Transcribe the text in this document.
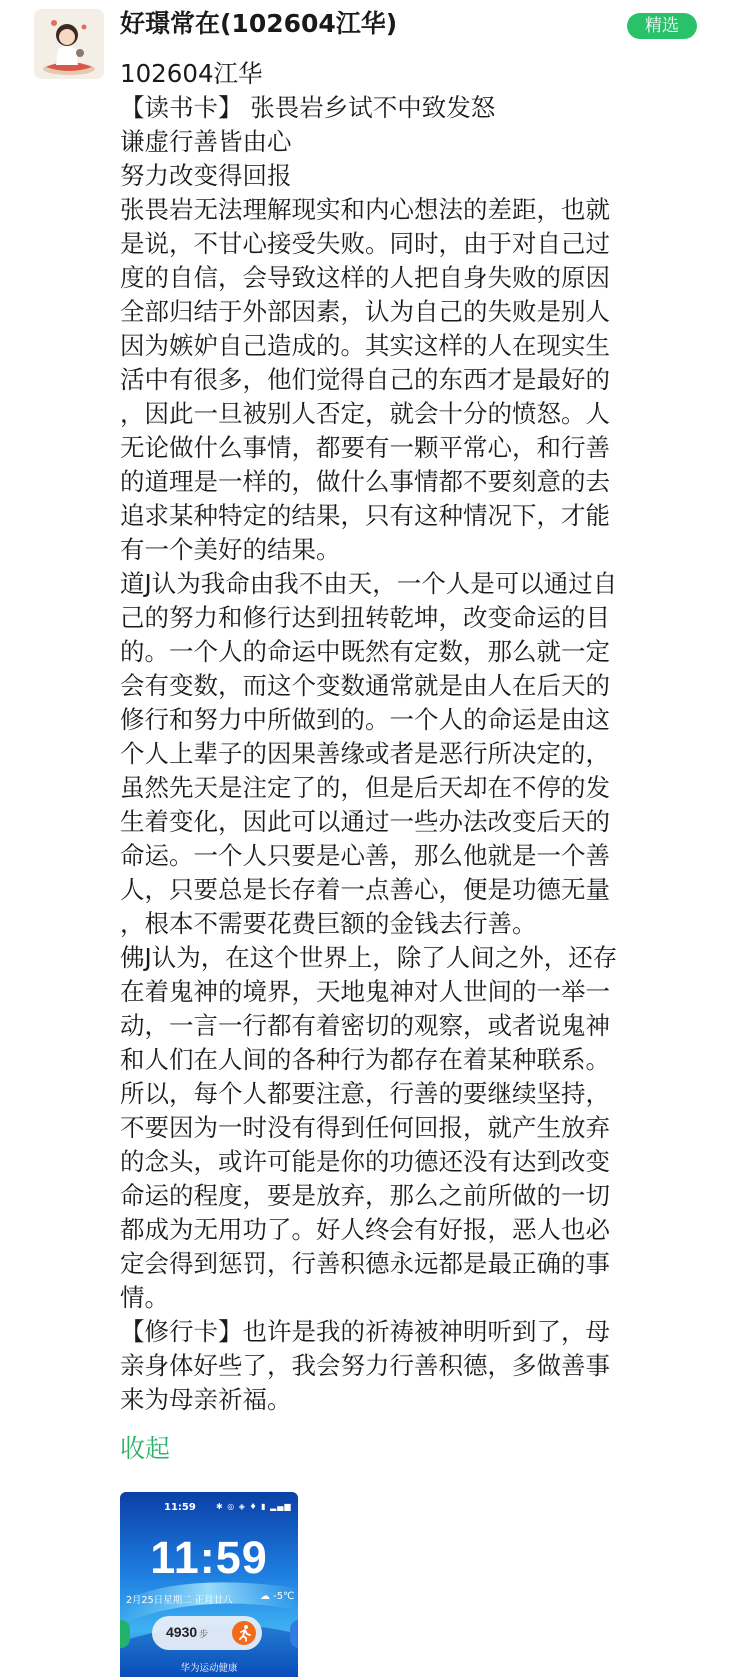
好璟常在(102604江华)	精选
102604江华
【读书卡】 张畏岩乡试不中致发怒
谦虚行善皆由心
努力改变得回报
张畏岩无法理解现实和内心想法的差距，也就
是说，不甘心接受失败。同时，由于对自己过
度的自信，会导致这样的人把自身失败的原因
全部归结于外部因素，认为自己的失败是别人
因为嫉妒自己造成的。其实这样的人在现实生
活中有很多，他们觉得自己的东西才是最好的
，因此一旦被别人否定，就会十分的愤怒。人
无论做什么事情，都要有一颗平常心，和行善
的道理是一样的，做什么事情都不要刻意的去
追求某种特定的结果，只有这种情况下，才能
有一个美好的结果。
道J认为我命由我不由天，一个人是可以通过自
己的努力和修行达到扭转乾坤，改变命运的目
的。一个人的命运中既然有定数，那么就一定
会有变数，而这个变数通常就是由人在后天的
修行和努力中所做到的。一个人的命运是由这
个人上辈子的因果善缘或者是恶行所决定的，
虽然先天是注定了的，但是后天却在不停的发
生着变化，因此可以通过一些办法改变后天的
命运。一个人只要是心善，那么他就是一个善
人，只要总是长存着一点善心，便是功德无量
，根本不需要花费巨额的金钱去行善。
佛J认为，在这个世界上，除了人间之外，还存
在着鬼神的境界，天地鬼神对人世间的一举一
动，一言一行都有着密切的观察，或者说鬼神
和人们在人间的各种行为都存在着某种联系。
所以，每个人都要注意，行善的要继续坚持，
不要因为一时没有得到任何回报，就产生放弃
的念头，或许可能是你的功德还没有达到改变
命运的程度，要是放弃，那么之前所做的一切
都成为无用功了。好人终会有好报，恶人也必
定会得到惩罚，行善积德永远都是最正确的事
情。
【修行卡】也许是我的祈祷被神明听到了，母
亲身体好些了，我会努力行善积德，多做善事
来为母亲祈福。
收起
11:59	✱ ◎ ◈ ♦ ▮ ▂▄▆
11:59
2月25日星期二 正月廿八	☁ -5℃
4930 步
华为运动健康
